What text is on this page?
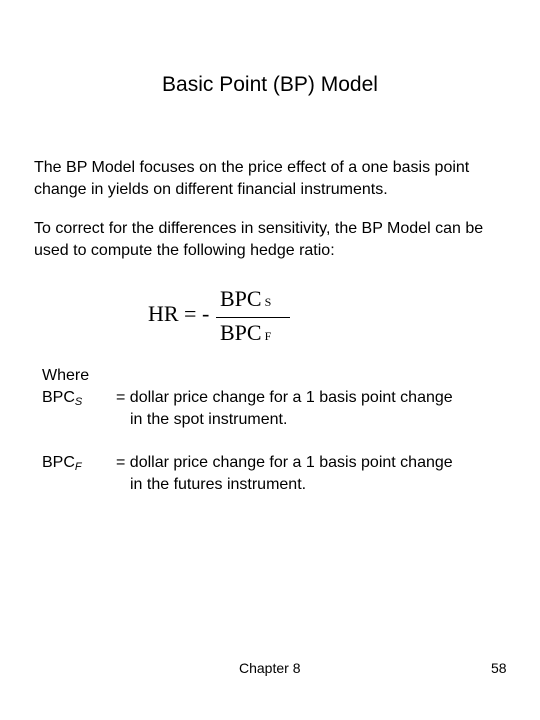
Basic Point (BP) Model
The BP Model focuses on the price effect of a one basis point change in yields on different financial instruments.
To correct for the differences in sensitivity, the BP Model can be used to compute the following hedge ratio:
HR = -
BPC S
BPC F
Where
BPCS = dollar price change for a 1 basis point change
in the spot instrument.
BPCF = dollar price change for a 1 basis point change
in the futures instrument.
Chapter 8	58
